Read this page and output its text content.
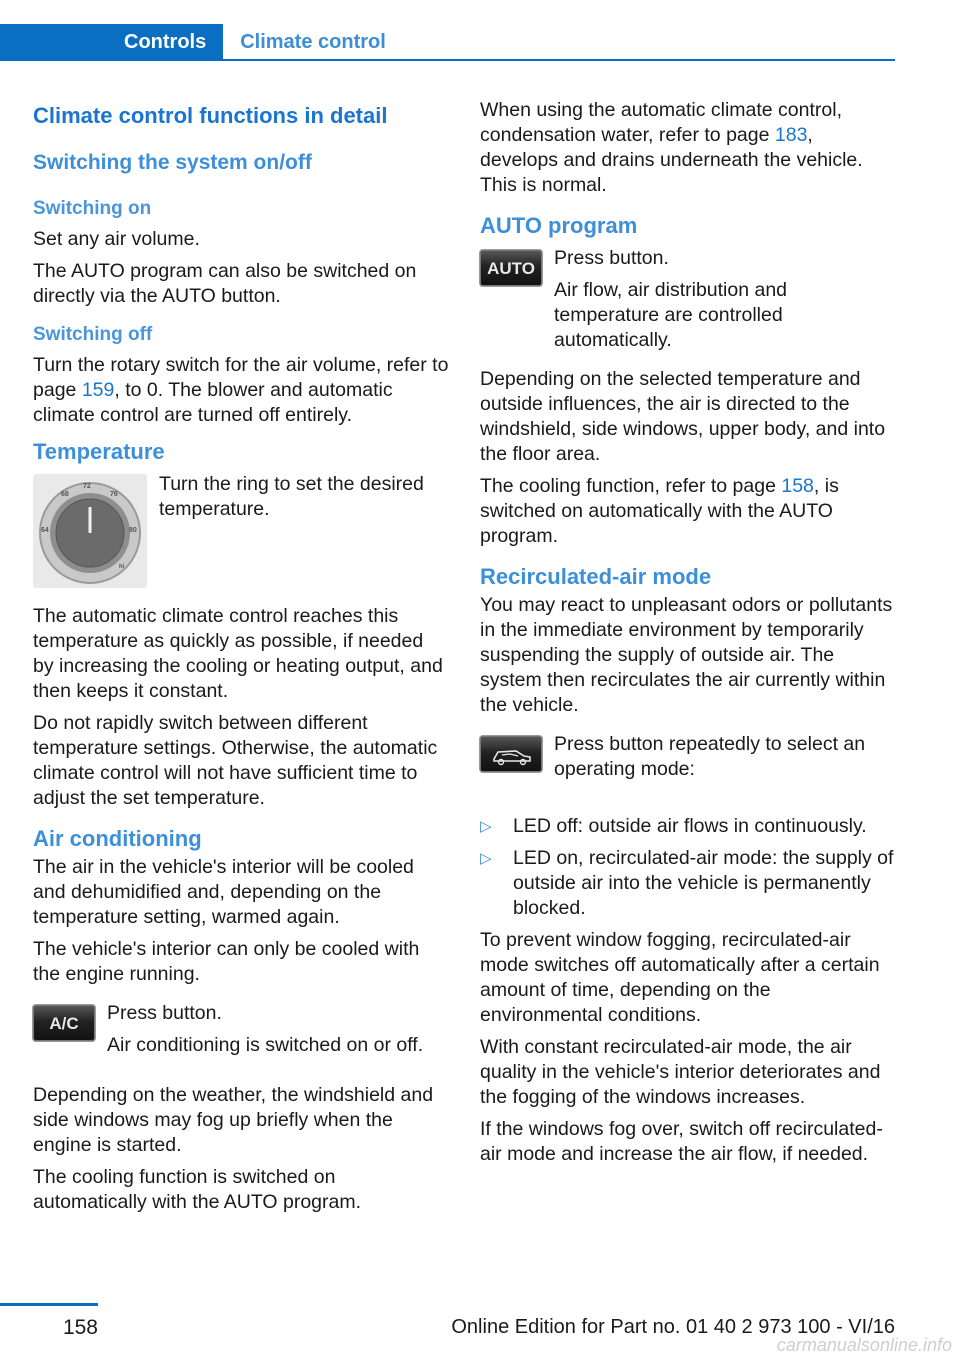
Controls	Climate control
Climate control functions in detail
Switching the system on/off
Switching on

Set any air volume.

The AUTO program can also be switched on directly via the AUTO button.

Switching off

Turn the rotary switch for the air volume, refer to page 159, to 0. The blower and automatic climate control are turned off entirely.

Temperature
72
68	76
64	80
hi
Turn the ring to set the desired temperature.

The automatic climate control reaches this temperature as quickly as possible, if needed by increasing the cooling or heating output, and then keeps it constant.

Do not rapidly switch between different temperature settings. Otherwise, the automatic climate control will not have sufficient time to adjust the set temperature.

Air conditioning

The air in the vehicle's interior will be cooled and dehumidified and, depending on the temperature setting, warmed again.

The vehicle's interior can only be cooled with the engine running.

A/C	Press button.

Air conditioning is switched on or off.

Depending on the weather, the windshield and side windows may fog up briefly when the engine is started.

The cooling function is switched on automatically with the AUTO program.

When using the automatic climate control, condensation water, refer to page 183, develops and drains underneath the vehicle. This is normal.

AUTO program
AUTO Press button.

Air flow, air distribution and temperature are controlled automatically.

Depending on the selected temperature and outside influences, the air is directed to the windshield, side windows, upper body, and into the floor area.

The cooling function, refer to page 158, is switched on automatically with the AUTO program.

Recirculated-air mode

You may react to unpleasant odors or pollutants in the immediate environment by temporarily suspending the supply of outside air. The system then recirculates the air currently within the vehicle.

Press button repeatedly to select an operating mode:
▷ LED off: outside air flows in continuously.
▷ LED on, recirculated-air mode: the supply of outside air into the vehicle is permanently blocked.

To prevent window fogging, recirculated-air mode switches off automatically after a certain amount of time, depending on the environmental conditions.

With constant recirculated-air mode, the air quality in the vehicle's interior deteriorates and the fogging of the windows increases.

If the windows fog over, switch off recirculated-air mode and increase the air flow, if needed.

158	Online Edition for Part no. 01 40 2 973 100 - VI/16
carmanualsonline.info
